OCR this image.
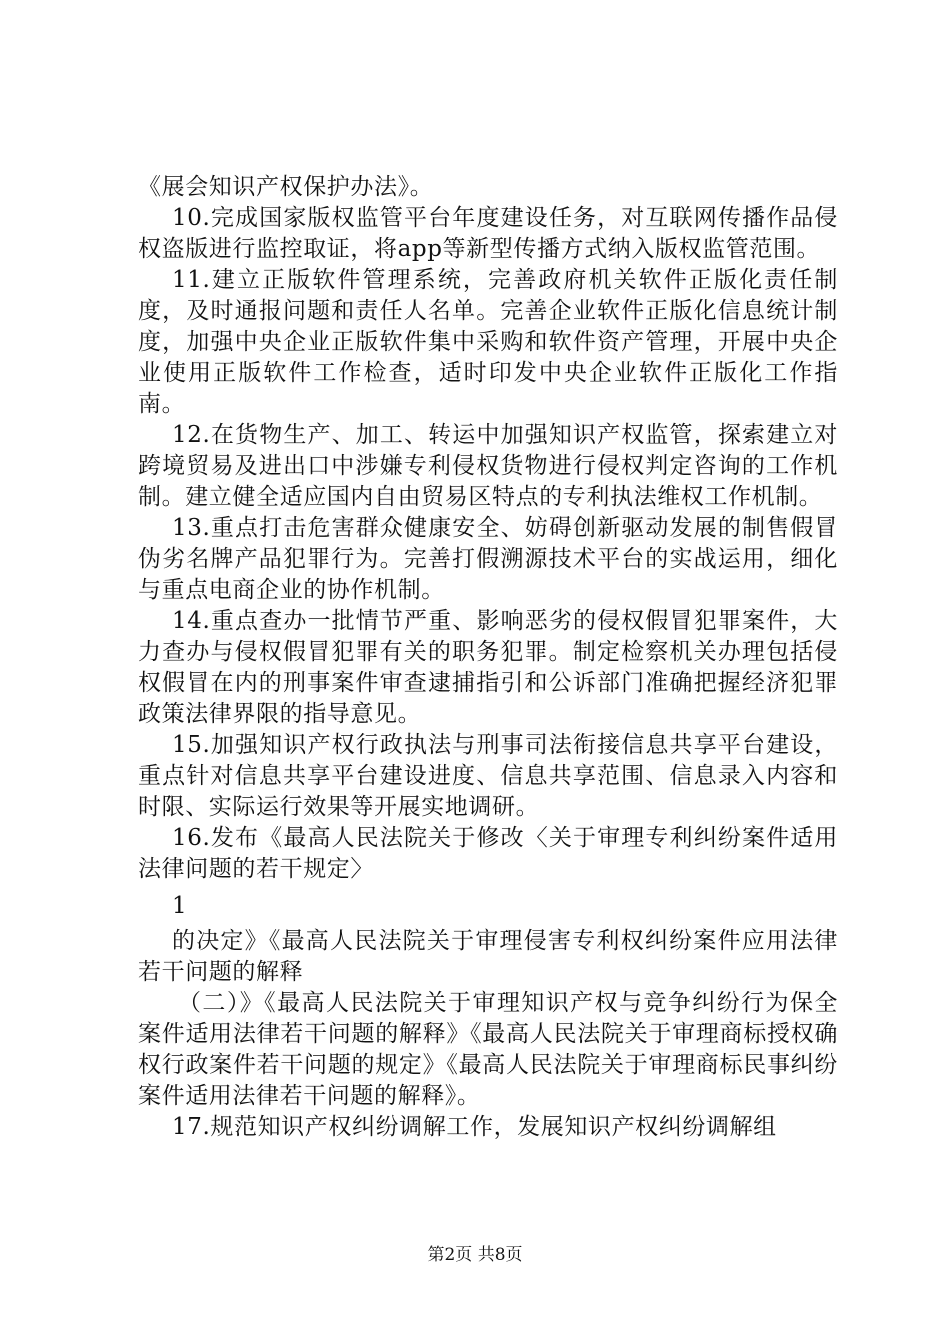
《展会知识产权保护办法》。

10.完成国家版权监管平台年度建设任务，对互联网传播作品侵权盗版进行监控取证，将app等新型传播方式纳入版权监管范围。

11.建立正版软件管理系统，完善政府机关软件正版化责任制度，及时通报问题和责任人名单。完善企业软件正版化信息统计制度，加强中央企业正版软件集中采购和软件资产管理，开展中央企业使用正版软件工作检查，适时印发中央企业软件正版化工作指南。

12.在货物生产、加工、转运中加强知识产权监管，探索建立对跨境贸易及进出口中涉嫌专利侵权货物进行侵权判定咨询的工作机制。建立健全适应国内自由贸易区特点的专利执法维权工作机制。

13.重点打击危害群众健康安全、妨碍创新驱动发展的制售假冒伪劣名牌产品犯罪行为。完善打假溯源技术平台的实战运用，细化与重点电商企业的协作机制。

14.重点查办一批情节严重、影响恶劣的侵权假冒犯罪案件，大力查办与侵权假冒犯罪有关的职务犯罪。制定检察机关办理包括侵权假冒在内的刑事案件审查逮捕指引和公诉部门准确把握经济犯罪政策法律界限的指导意见。

15.加强知识产权行政执法与刑事司法衔接信息共享平台建设，重点针对信息共享平台建设进度、信息共享范围、信息录入内容和时限、实际运行效果等开展实地调研。

16.发布《最高人民法院关于修改〈关于审理专利纠纷案件适用法律问题的若干规定〉

1

的决定》《最高人民法院关于审理侵害专利权纠纷案件应用法律若干问题的解释

（二）》《最高人民法院关于审理知识产权与竞争纠纷行为保全案件适用法律若干问题的解释》《最高人民法院关于审理商标授权确权行政案件若干问题的规定》《最高人民法院关于审理商标民事纠纷案件适用法律若干问题的解释》。

17.规范知识产权纠纷调解工作，发展知识产权纠纷调解组

第2页 共8页
